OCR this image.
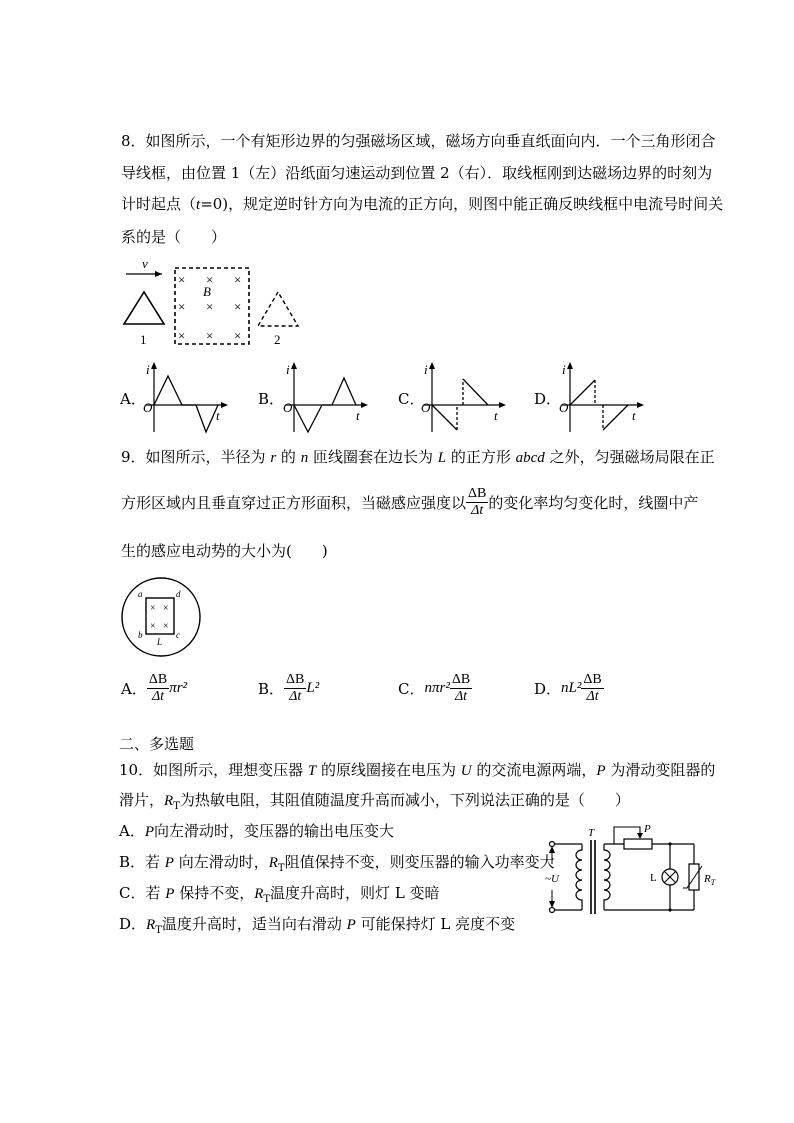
8．如图所示，一个有矩形边界的匀强磁场区域，磁场方向垂直纸面向内．一个三角形闭合
导线框，由位置 1（左）沿纸面匀速运动到位置 2（右）．取线框刚到达磁场边界的时刻为
计时起点（t=0)，规定逆时针方向为电流的正方向，则图中能正确反映线框中电流号时间关
系的是（　　）
v
1
× × ×
× × ×
× × ×
B
2
A．
i
O
t
B．
i
O
t
C．
i
O
t
D．
i
O
t
9．如图所示，半径为 r 的 n 匝线圈套在边长为 L 的正方形 abcd 之外，匀强磁场局限在正
方形区域内且垂直穿过正方形面积，当磁感应强度以 $\frac{\Delta B}{\Delta t}$ 的变化率均匀变化时，线圈中产
生的感应电动势的大小为(　　)
× ×
× ×
a	d
b	c
L
A． $\frac{\Delta B}{\Delta t} \pi r^2$	B． $\frac{\Delta B}{\Delta t} L^2$	C． $n\pi r^2 \frac{\Delta B}{\Delta t}$	D． $nL^2 \frac{\Delta B}{\Delta t}$
二、多选题
10．如图所示，理想变压器 T 的原线圈接在电压为 U 的交流电源两端，P 为滑动变阻器的
滑片，$R_T$为热敏电阻，其阻值随温度升高而减小，下列说法正确的是（　　）
A．P向左滑动时，变压器的输出电压变大
B．若 P 向左滑动时，$R_T$阻值保持不变，则变压器的输入功率变大
C．若 P 保持不变，$R_T$温度升高时，则灯 L 变暗
D．$R_T$温度升高时，适当向右滑动 P 可能保持灯 L 亮度不变
~U
T	P
L	$R_T$
